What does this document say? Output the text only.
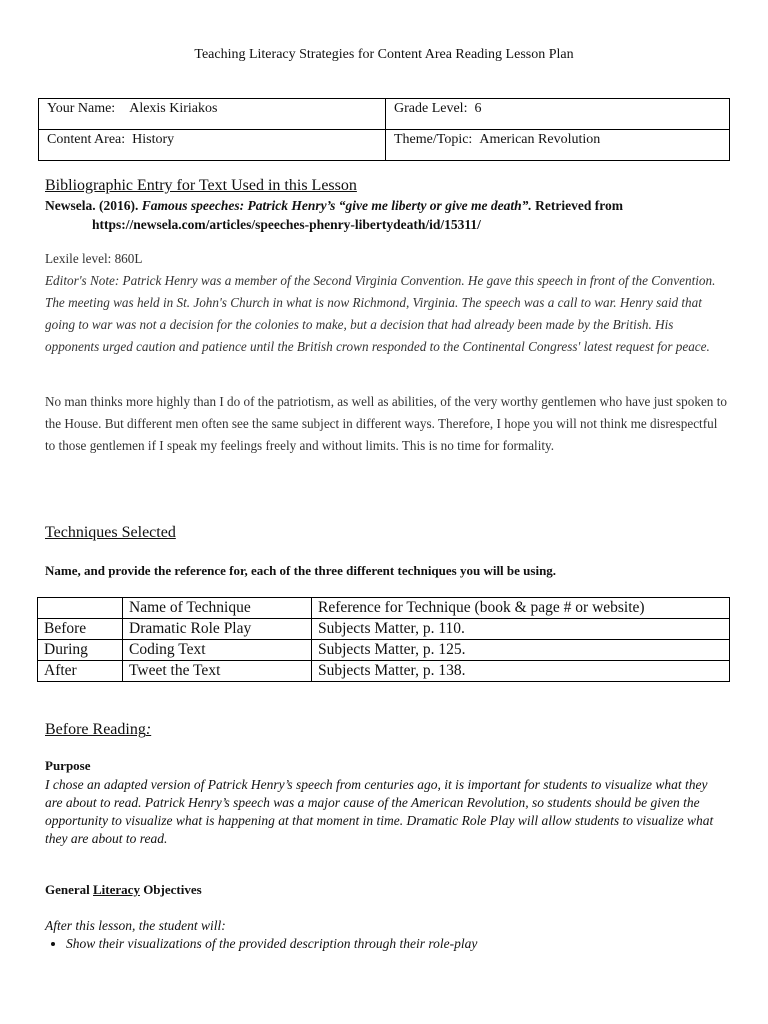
Teaching Literacy Strategies for Content Area Reading Lesson Plan
Your Name: Alexis Kiriakos	Grade Level: 6
Content Area: History	Theme/Topic: American Revolution
Bibliographic Entry for Text Used in this Lesson
Newsela. (2016). Famous speeches: Patrick Henry’s “give me liberty or give me death”. Retrieved from
https://newsela.com/articles/speeches-phenry-libertydeath/id/15311/
Lexile level: 860L
Editor's Note: Patrick Henry was a member of the Second Virginia Convention. He gave this speech in front of the Convention. The meeting was held in St. John's Church in what is now Richmond, Virginia. The speech was a call to war. Henry said that going to war was not a decision for the colonies to make, but a decision that had already been made by the British. His opponents urged caution and patience until the British crown responded to the Continental Congress' latest request for peace.
No man thinks more highly than I do of the patriotism, as well as abilities, of the very worthy gentlemen who have just spoken to the House. But different men often see the same subject in different ways. Therefore, I hope you will not think me disrespectful to those gentlemen if I speak my feelings freely and without limits. This is no time for formality.
Techniques Selected
Name, and provide the reference for, each of the three different techniques you will be using.
	Name of Technique	Reference for Technique (book & page # or website)
Before	Dramatic Role Play	Subjects Matter, p. 110.
During	Coding Text	Subjects Matter, p. 125.
After	Tweet the Text	Subjects Matter, p. 138.
Before Reading:
Purpose
I chose an adapted version of Patrick Henry’s speech from centuries ago, it is important for students to visualize what they are about to read. Patrick Henry’s speech was a major cause of the American Revolution, so students should be given the opportunity to visualize what is happening at that moment in time. Dramatic Role Play will allow students to visualize what they are about to read.
General Literacy Objectives
After this lesson, the student will:
• Show their visualizations of the provided description through their role-play
